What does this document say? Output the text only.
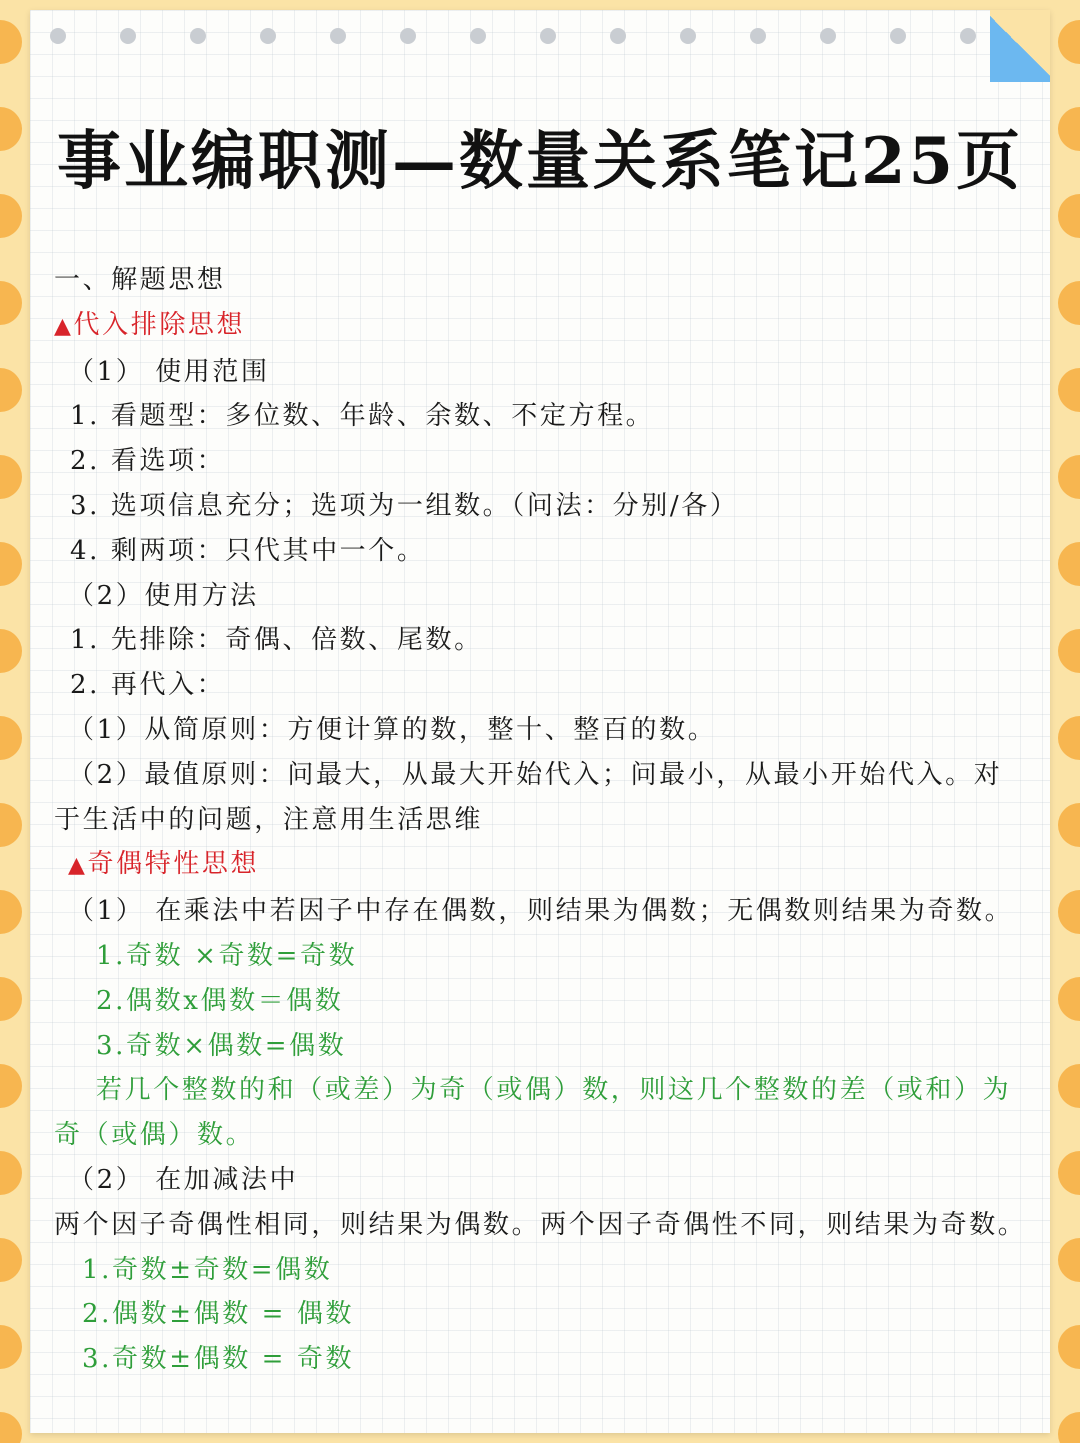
事业编职测—数量关系笔记25页
一、解题思想
▲代入排除思想
（1） 使用范围
1. 看题型：多位数、年龄、余数、不定方程。
2. 看选项：
3. 选项信息充分；选项为一组数。（问法：分别/各）
4. 剩两项：只代其中一个。
（2）使用方法
1. 先排除：奇偶、倍数、尾数。
2. 再代入：
（1）从简原则：方便计算的数，整十、整百的数。
（2）最值原则：问最大，从最大开始代入；问最小，从最小开始代入。对于生活中的问题，注意用生活思维
▲奇偶特性思想
（1） 在乘法中若因子中存在偶数，则结果为偶数；无偶数则结果为奇数。
1.奇数 ×奇数=奇数
2.偶数x偶数＝偶数
3.奇数×偶数=偶数
若几个整数的和（或差）为奇（或偶）数，则这几个整数的差（或和）为奇（或偶）数。
（2） 在加减法中
两个因子奇偶性相同，则结果为偶数。两个因子奇偶性不同，则结果为奇数。
1.奇数±奇数=偶数
2.偶数±偶数 = 偶数
3.奇数±偶数 = 奇数
